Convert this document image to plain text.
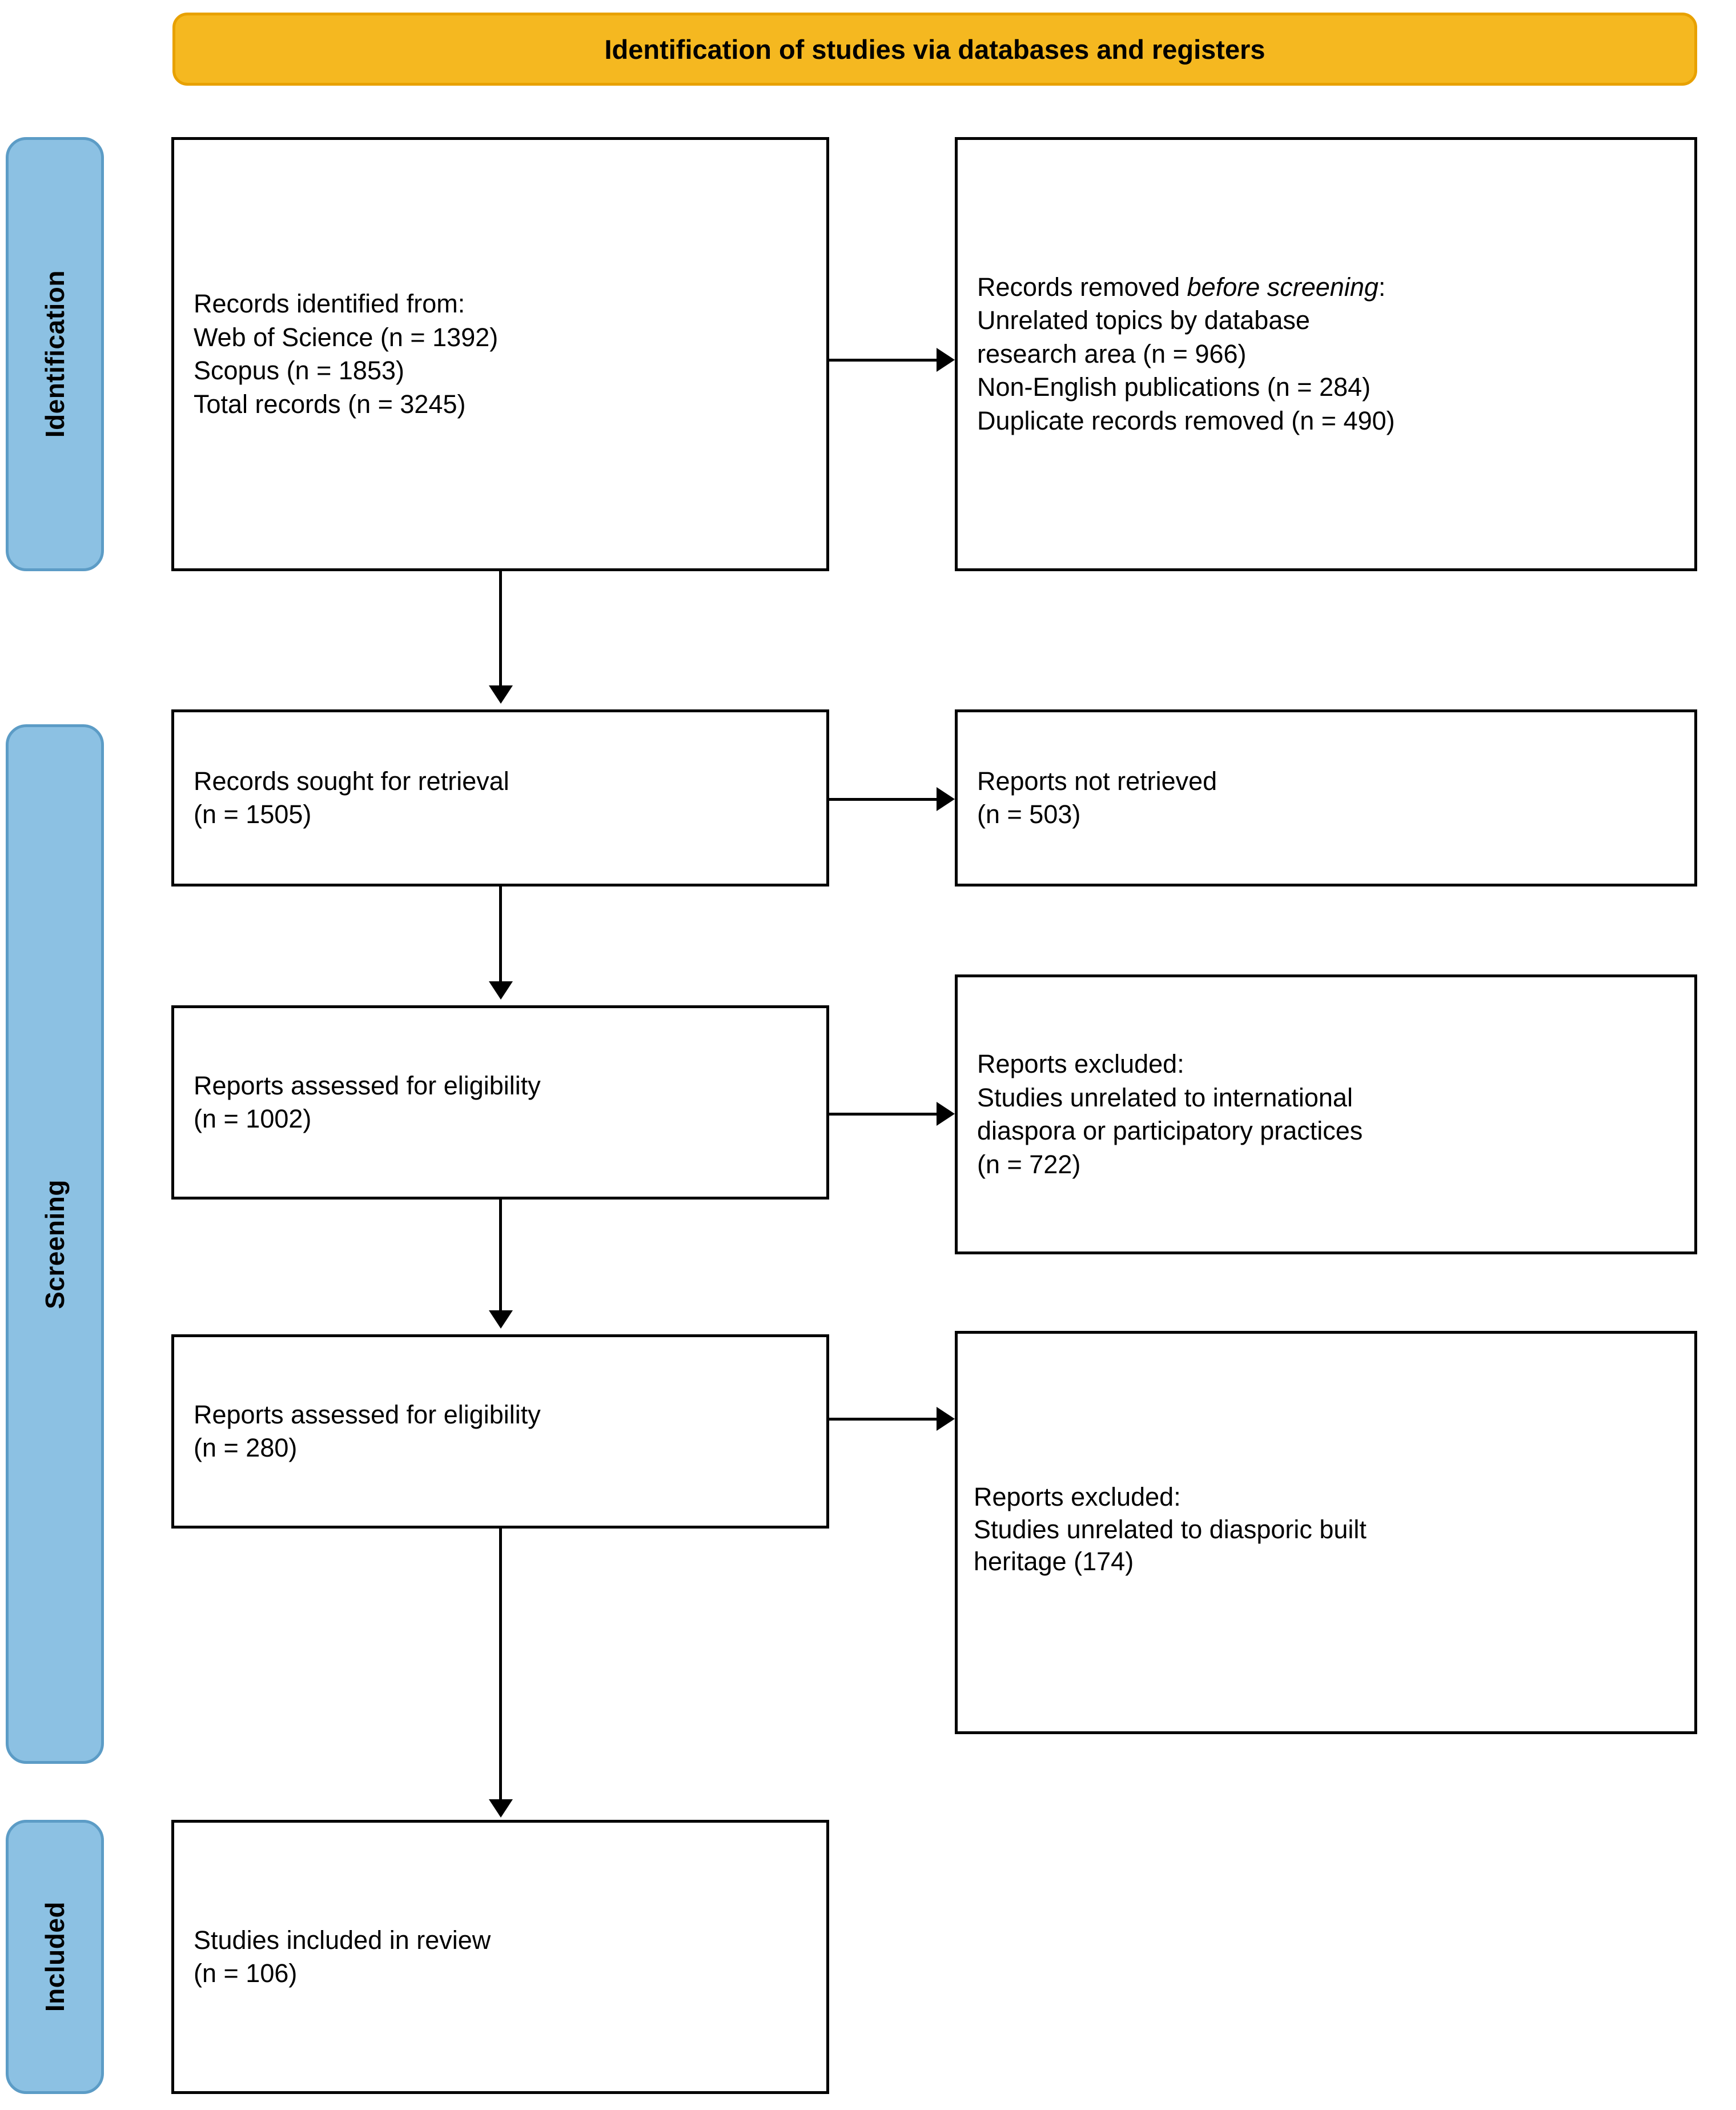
Identification of studies via databases and registers
Identification
Screening
Included

Records identified from:

Web of Science (n = 1392)

Scopus (n = 1853)

Total records (n = 3245)

Records removed before screening:

Unrelated topics by database

research area (n = 966)

Non-English publications (n = 284)

Duplicate records removed (n = 490)

Records sought for retrieval

(n = 1505)

Reports not retrieved

(n = 503)

Reports assessed for eligibility

(n = 1002)

Reports excluded:

Studies unrelated to international

diaspora or participatory practices

(n = 722)

Reports assessed for eligibility

(n = 280)

Reports excluded:

Studies unrelated to diasporic built

heritage (174)

Studies included in review

(n = 106)
